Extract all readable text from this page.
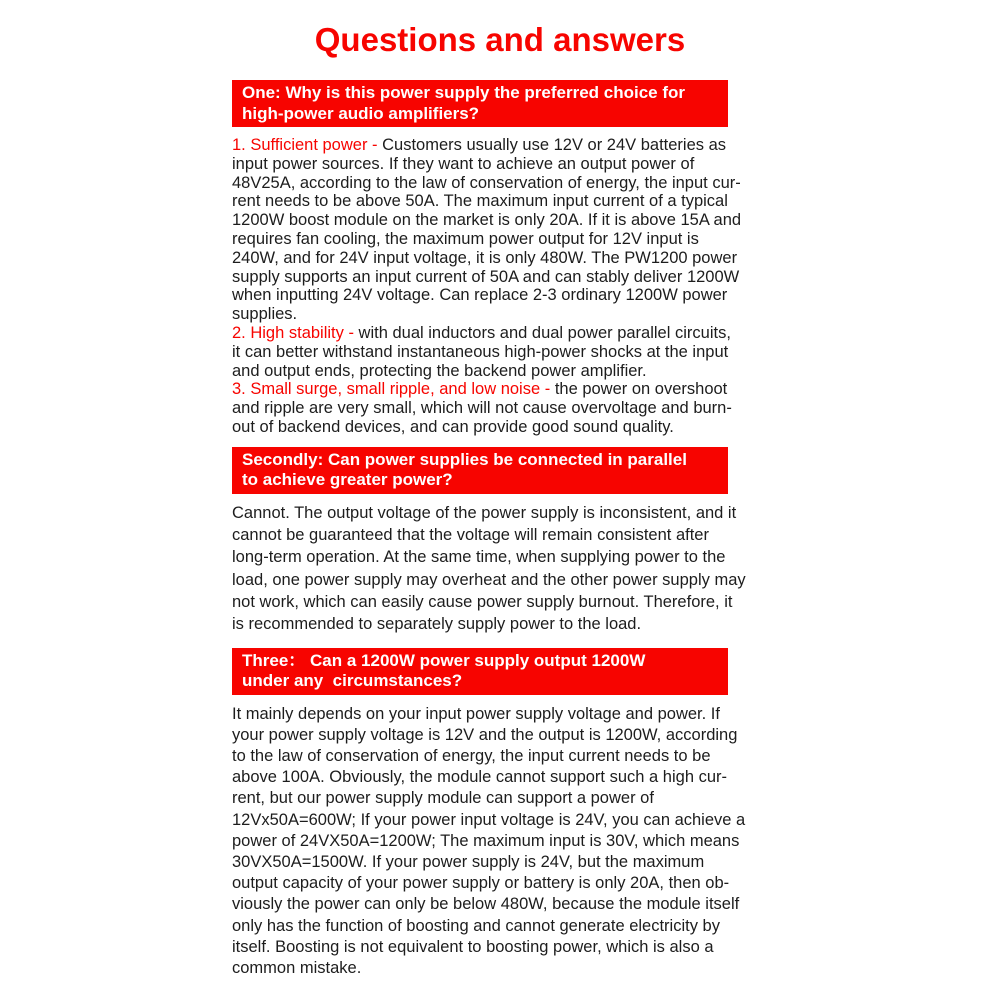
Questions and answers
One: Why is this power supply the preferred choice for
high-power audio amplifiers?
1. Sufficient power - Customers usually use 12V or 24V batteries as
input power sources. If they want to achieve an output power of
48V25A, according to the law of conservation of energy, the input cur-
rent needs to be above 50A. The maximum input current of a typical
1200W boost module on the market is only 20A. If it is above 15A and
requires fan cooling, the maximum power output for 12V input is
240W, and for 24V input voltage, it is only 480W. The PW1200 power
supply supports an input current of 50A and can stably deliver 1200W
when inputting 24V voltage. Can replace 2-3 ordinary 1200W power
supplies.
2. High stability - with dual inductors and dual power parallel circuits,
it can better withstand instantaneous high-power shocks at the input
and output ends, protecting the backend power amplifier.
3. Small surge, small ripple, and low noise - the power on overshoot
and ripple are very small, which will not cause overvoltage and burn-
out of backend devices, and can provide good sound quality.
Secondly: Can power supplies be connected in parallel
to achieve greater power?
Cannot. The output voltage of the power supply is inconsistent, and it
cannot be guaranteed that the voltage will remain consistent after
long-term operation. At the same time, when supplying power to the
load, one power supply may overheat and the other power supply may
not work, which can easily cause power supply burnout. Therefore, it
is recommended to separately supply power to the load.
Three： Can a 1200W power supply output 1200W
under any  circumstances?
It mainly depends on your input power supply voltage and power. If
your power supply voltage is 12V and the output is 1200W, according
to the law of conservation of energy, the input current needs to be
above 100A. Obviously, the module cannot support such a high cur-
rent, but our power supply module can support a power of
12Vx50A=600W; If your power input voltage is 24V, you can achieve a
power of 24VX50A=1200W; The maximum input is 30V, which means
30VX50A=1500W. If your power supply is 24V, but the maximum
output capacity of your power supply or battery is only 20A, then ob-
viously the power can only be below 480W, because the module itself
only has the function of boosting and cannot generate electricity by
itself. Boosting is not equivalent to boosting power, which is also a
common mistake.
